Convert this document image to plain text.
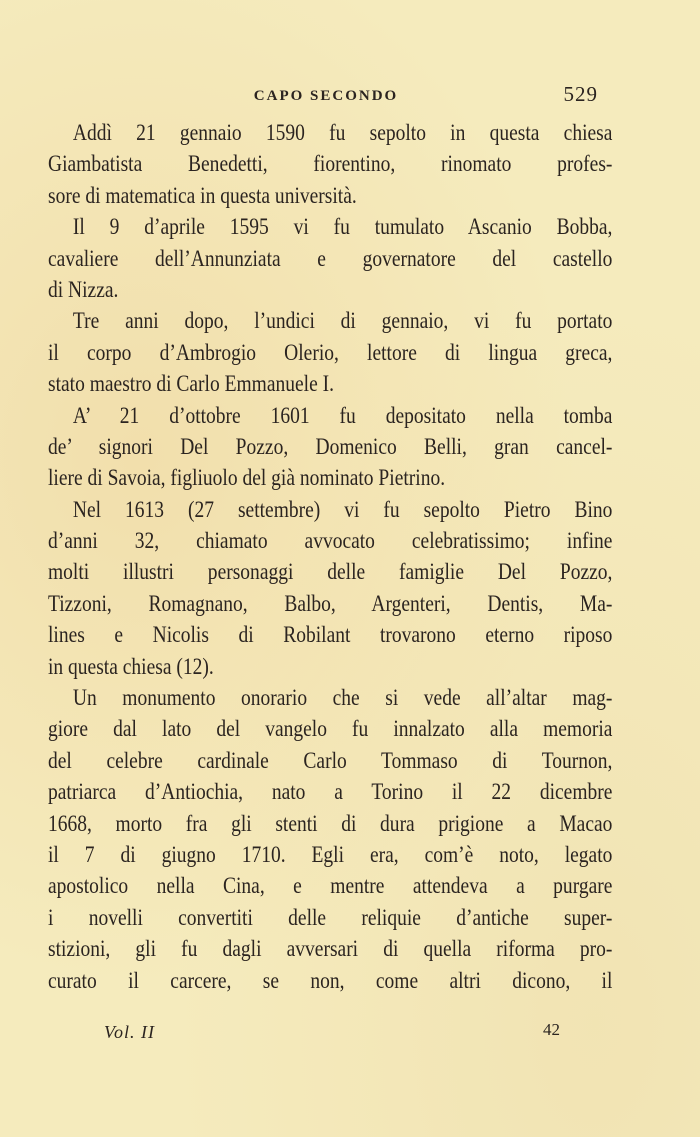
CAPO SECONDO	529
Addì 21 gennaio 1590 fu sepolto in questa chiesa
Giambatista Benedetti, fiorentino, rinomato profes-
sore di matematica in questa università.
Il 9 d’aprile 1595 vi fu tumulato Ascanio Bobba,
cavaliere dell’Annunziata e governatore del castello
di Nizza.
Tre anni dopo, l’undici di gennaio, vi fu portato
il corpo d’Ambrogio Olerio, lettore di lingua greca,
stato maestro di Carlo Emmanuele I.
A’ 21 d’ottobre 1601 fu depositato nella tomba
de’ signori Del Pozzo, Domenico Belli, gran cancel-
liere di Savoia, figliuolo del già nominato Pietrino.
Nel 1613 (27 settembre) vi fu sepolto Pietro Bino
d’anni 32, chiamato avvocato celebratissimo; infine
molti illustri personaggi delle famiglie Del Pozzo,
Tizzoni, Romagnano, Balbo, Argenteri, Dentis, Ma-
lines e Nicolis di Robilant trovarono eterno riposo
in questa chiesa (12).
Un monumento onorario che si vede all’altar mag-
giore dal lato del vangelo fu innalzato alla memoria
del celebre cardinale Carlo Tommaso di Tournon,
patriarca d’Antiochia, nato a Torino il 22 dicembre
1668, morto fra gli stenti di dura prigione a Macao
il 7 di giugno 1710. Egli era, com’è noto, legato
apostolico nella Cina, e mentre attendeva a purgare
i novelli convertiti delle reliquie d’antiche super-
stizioni, gli fu dagli avversari di quella riforma pro-
curato il carcere, se non, come altri dicono, il
Vol. II	42
